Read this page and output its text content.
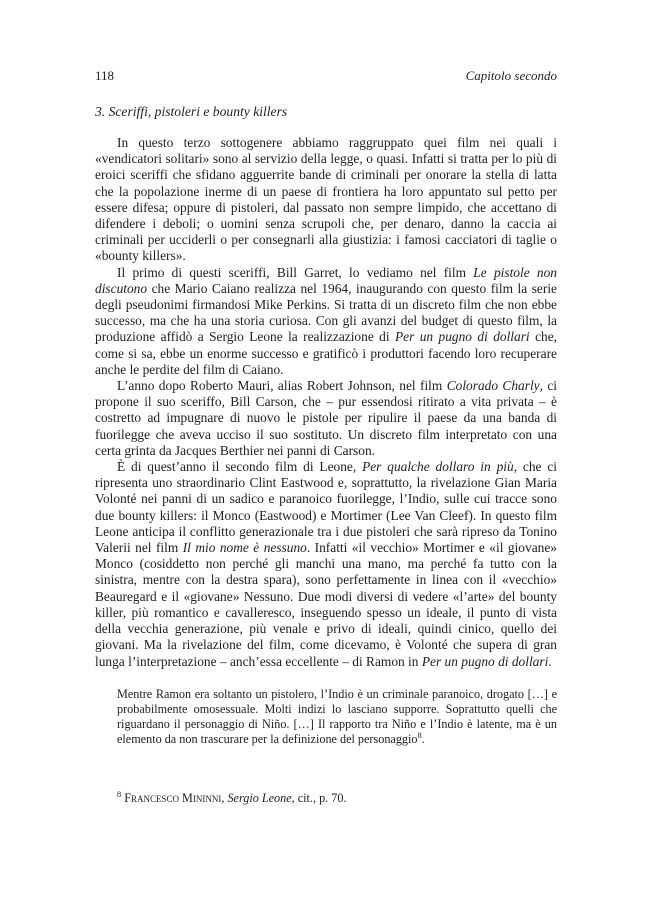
118	Capitolo secondo
3. Sceriffi, pistoleri e bounty killers

In questo terzo sottogenere abbiamo raggruppato quei film nei quali i «vendicatori solitari» sono al servizio della legge, o quasi. Infatti si tratta per lo più di eroici sceriffi che sfidano agguerrite bande di criminali per onorare la stella di latta che la popolazione inerme di un paese di frontiera ha loro appuntato sul petto per essere difesa; oppure di pistoleri, dal passato non sempre limpido, che accettano di difendere i deboli; o uomini senza scrupoli che, per denaro, danno la caccia ai criminali per ucciderli o per consegnarli alla giustizia: i famosi cacciatori di taglie o «bounty killers».

Il primo di questi sceriffi, Bill Garret, lo vediamo nel film Le pistole non discutono che Mario Caiano realizza nel 1964, inaugurando con questo film la serie degli pseudonimi firmandosi Mike Perkins. Si tratta di un discreto film che non ebbe successo, ma che ha una storia curiosa. Con gli avanzi del budget di questo film, la produzione affidò a Sergio Leone la realizzazione di Per un pugno di dollari che, come si sa, ebbe un enorme successo e gratificò i produttori facendo loro recuperare anche le perdite del film di Caiano.

L’anno dopo Roberto Mauri, alias Robert Johnson, nel film Colorado Charly, ci propone il suo sceriffo, Bill Carson, che – pur essendosi ritirato a vita privata – è costretto ad impugnare di nuovo le pistole per ripulire il paese da una banda di fuorilegge che aveva ucciso il suo sostituto. Un discreto film interpretato con una certa grinta da Jacques Berthier nei panni di Carson.

È di quest’anno il secondo film di Leone, Per qualche dollaro in più, che ci ripresenta uno straordinario Clint Eastwood e, soprattutto, la rivelazione Gian Maria Volonté nei panni di un sadico e paranoico fuorilegge, l’Indio, sulle cui tracce sono due bounty killers: il Monco (Eastwood) e Mortimer (Lee Van Cleef). In questo film Leone anticipa il conflitto generazionale tra i due pistoleri che sarà ripreso da Tonino Valerii nel film Il mio nome è nessuno. Infatti «il vecchio» Mortimer e «il giovane» Monco (cosiddetto non perché gli manchi una mano, ma perché fa tutto con la sinistra, mentre con la destra spara), sono perfettamente in linea con il «vecchio» Beauregard e il «giovane» Nessuno. Due modi diversi di vedere «l’arte» del bounty killer, più romantico e cavalleresco, inseguendo spesso un ideale, il punto di vista della vecchia generazione, più venale e privo di ideali, quindi cinico, quello dei giovani. Ma la rivelazione del film, come dicevamo, è Volonté che supera di gran lunga l’interpretazione – anch’essa eccellente – di Ramon in Per un pugno di dollari.

Mentre Ramon era soltanto un pistolero, l’Indio è un criminale paranoico, drogato […] e probabilmente omosessuale. Molti indizi lo lasciano supporre. Soprattutto quelli che riguardano il personaggio di Niño. […] Il rapporto tra Niño e l’Indio è latente, ma è un elemento da non trascurare per la definizione del personaggio$^8$.

$^8$ Francesco Mininni, Sergio Leone, cit., p. 70.
